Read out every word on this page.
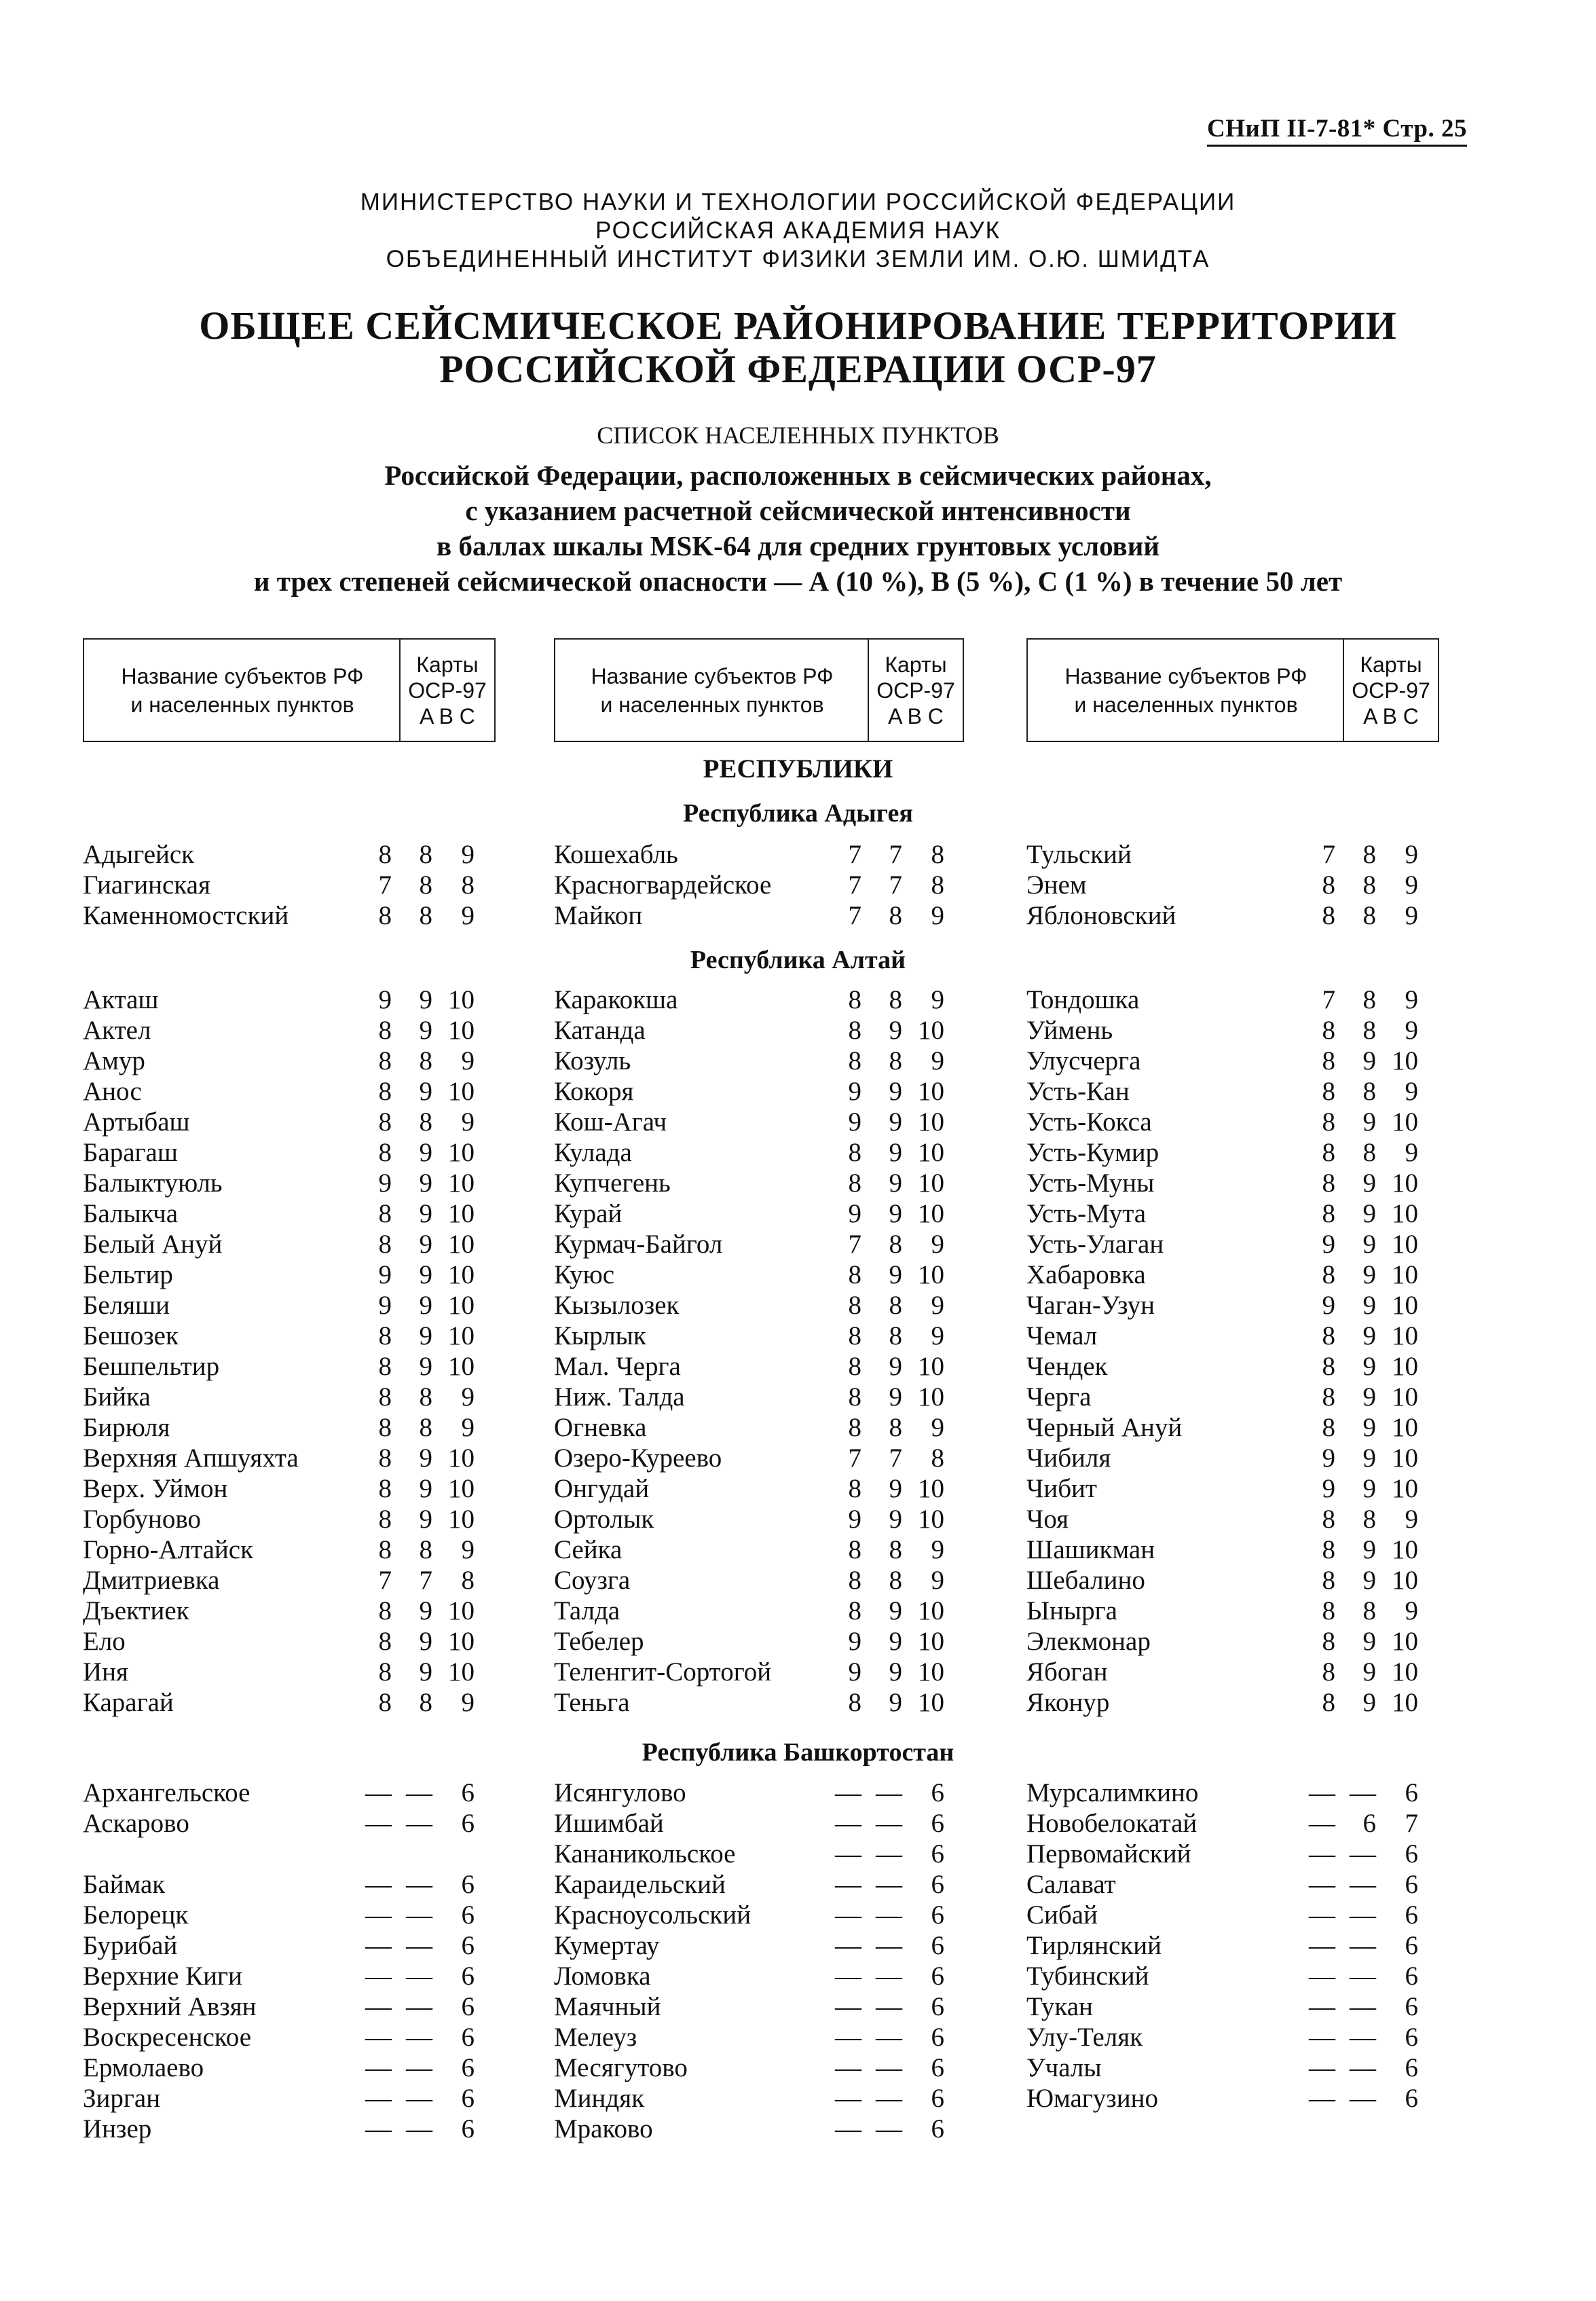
СНиП II-7-81* Стр. 25
МИНИСТЕРСТВО НАУКИ И ТЕХНОЛОГИИ РОССИЙСКОЙ ФЕДЕРАЦИИ
РОССИЙСКАЯ АКАДЕМИЯ НАУК
ОБЪЕДИНЕННЫЙ ИНСТИТУТ ФИЗИКИ ЗЕМЛИ ИМ. О.Ю. ШМИДТА
ОБЩЕЕ СЕЙСМИЧЕСКОЕ РАЙОНИРОВАНИЕ ТЕРРИТОРИИ
РОССИЙСКОЙ ФЕДЕРАЦИИ ОСР-97
СПИСОК НАСЕЛЕННЫХ ПУНКТОВ
Российской Федерации, расположенных в сейсмических районах,
с указанием расчетной сейсмической интенсивности
в баллах шкалы MSK-64 для средних грунтовых условий
и трех степеней сейсмической опасности — А (10 %), В (5 %), С (1 %) в течение 50 лет
Название субъектов РФ
и населенных пунктов
Карты
ОСР-97
A B C
Название субъектов РФ
и населенных пунктов
Карты
ОСР-97
A B C
Название субъектов РФ
и населенных пунктов
Карты
ОСР-97
A B C
РЕСПУБЛИКИ
Республика Адыгея
Республика Алтай
Республика Башкортостан
Адыгейск	8 8 9
Гиагинская	7 8 8
Каменномостский	8 8 9
Кошехабль	7 7 8
Красногвардейское	7 7 8
Майкоп	7 8 9
Тульский	7 8 9
Энем	8 8 9
Яблоновский	8 8 9
Акташ	9 9 10
Актел	8 9 10
Амур	8 8 9
Анос	8 9 10
Артыбаш	8 8 9
Барагаш	8 9 10
Балыктуюль	9 9 10
Балыкча	8 9 10
Белый Ануй	8 9 10
Бельтир	9 9 10
Беляши	9 9 10
Бешозек	8 9 10
Бешпельтир	8 9 10
Бийка	8 8 9
Бирюля	8 8 9
Верхняя Апшуяхта	8 9 10
Верх. Уймон	8 9 10
Горбуново	8 9 10
Горно-Алтайск	8 8 9
Дмитриевка	7 7 8
Дъектиек	8 9 10
Ело	8 9 10
Иня	8 9 10
Карагай	8 8 9
Каракокша	8 8 9
Катанда	8 9 10
Козуль	8 8 9
Кокоря	9 9 10
Кош-Агач	9 9 10
Кулада	8 9 10
Купчегень	8 9 10
Курай	9 9 10
Курмач-Байгол	7 8 9
Куюс	8 9 10
Кызылозек	8 8 9
Кырлык	8 8 9
Мал. Черга	8 9 10
Ниж. Талда	8 9 10
Огневка	8 8 9
Озеро-Куреево	7 7 8
Онгудай	8 9 10
Ортолык	9 9 10
Сейка	8 8 9
Соузга	8 8 9
Талда	8 9 10
Тебелер	9 9 10
Теленгит-Сортогой	9 9 10
Теньга	8 9 10
Тондошка	7 8 9
Уймень	8 8 9
Улусчерга	8 9 10
Усть-Кан	8 8 9
Усть-Кокса	8 9 10
Усть-Кумир	8 8 9
Усть-Муны	8 9 10
Усть-Мута	8 9 10
Усть-Улаган	9 9 10
Хабаровка	8 9 10
Чаган-Узун	9 9 10
Чемал	8 9 10
Чендек	8 9 10
Черга	8 9 10
Черный Ануй	8 9 10
Чибиля	9 9 10
Чибит	9 9 10
Чоя	8 8 9
Шашикман	8 9 10
Шебалино	8 9 10
Ыныргa	8 8 9
Элекмонар	8 9 10
Ябоган	8 9 10
Яконур	8 9 10
Архангельское	— — 6
Аскарово	— — 6
Баймак	— — 6
Белорецк	— — 6
Бурибай	— — 6
Верхние Киги	— — 6
Верхний Авзян	— — 6
Воскресенское	— — 6
Ермолаево	— — 6
Зирган	— — 6
Инзер	— — 6
Исянгулово	— — 6
Ишимбай	— — 6
Кананикольское	— — 6
Караидельский	— — 6
Красноусольский	— — 6
Кумертау	— — 6
Ломовка	— — 6
Маячный	— — 6
Мелеуз	— — 6
Месягутово	— — 6
Миндяк	— — 6
Мраково	— — 6
Мурсалимкино	— — 6
Новобелокатай	— 6 7
Первомайский	— — 6
Салават	— — 6
Сибай	— — 6
Тирлянский	— — 6
Тубинский	— — 6
Тукан	— — 6
Улу-Теляк	— — 6
Учалы	— — 6
Юмагузино	— — 6
